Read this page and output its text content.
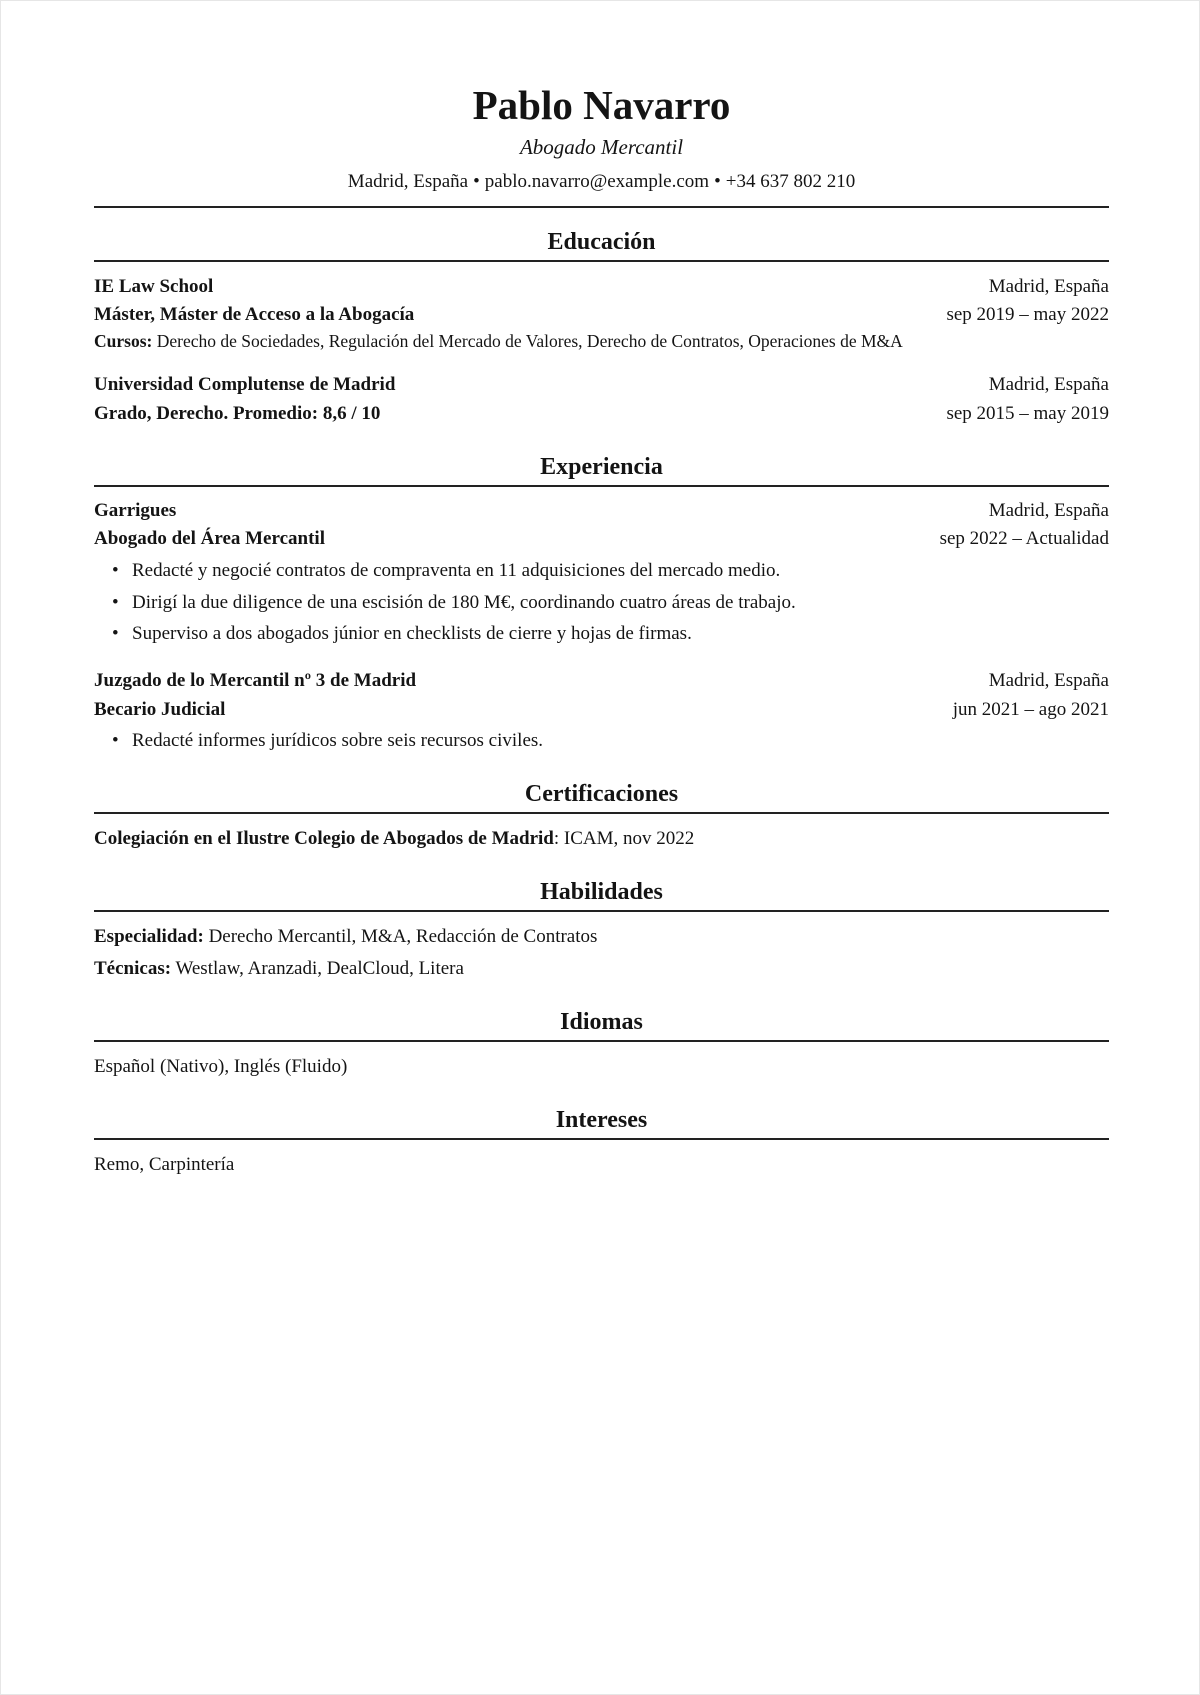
Pablo Navarro
Abogado Mercantil
Madrid, España • pablo.navarro@example.com • +34 637 802 210
Educación
IE Law School	Madrid, España
Máster, Máster de Acceso a la Abogacía	sep 2019 – may 2022
Cursos: Derecho de Sociedades, Regulación del Mercado de Valores, Derecho de Contratos, Operaciones de M&A
Universidad Complutense de Madrid	Madrid, España
Grado, Derecho. Promedio: 8,6 / 10	sep 2015 – may 2019
Experiencia
Garrigues	Madrid, España
Abogado del Área Mercantil	sep 2022 – Actualidad
• Redacté y negocié contratos de compraventa en 11 adquisiciones del mercado medio.
• Dirigí la due diligence de una escisión de 180 M€, coordinando cuatro áreas de trabajo.
• Superviso a dos abogados júnior en checklists de cierre y hojas de firmas.
Juzgado de lo Mercantil nº 3 de Madrid	Madrid, España
Becario Judicial	jun 2021 – ago 2021
• Redacté informes jurídicos sobre seis recursos civiles.
Certificaciones
Colegiación en el Ilustre Colegio de Abogados de Madrid: ICAM, nov 2022
Habilidades
Especialidad: Derecho Mercantil, M&A, Redacción de Contratos
Técnicas: Westlaw, Aranzadi, DealCloud, Litera
Idiomas
Español (Nativo), Inglés (Fluido)
Intereses
Remo, Carpintería
